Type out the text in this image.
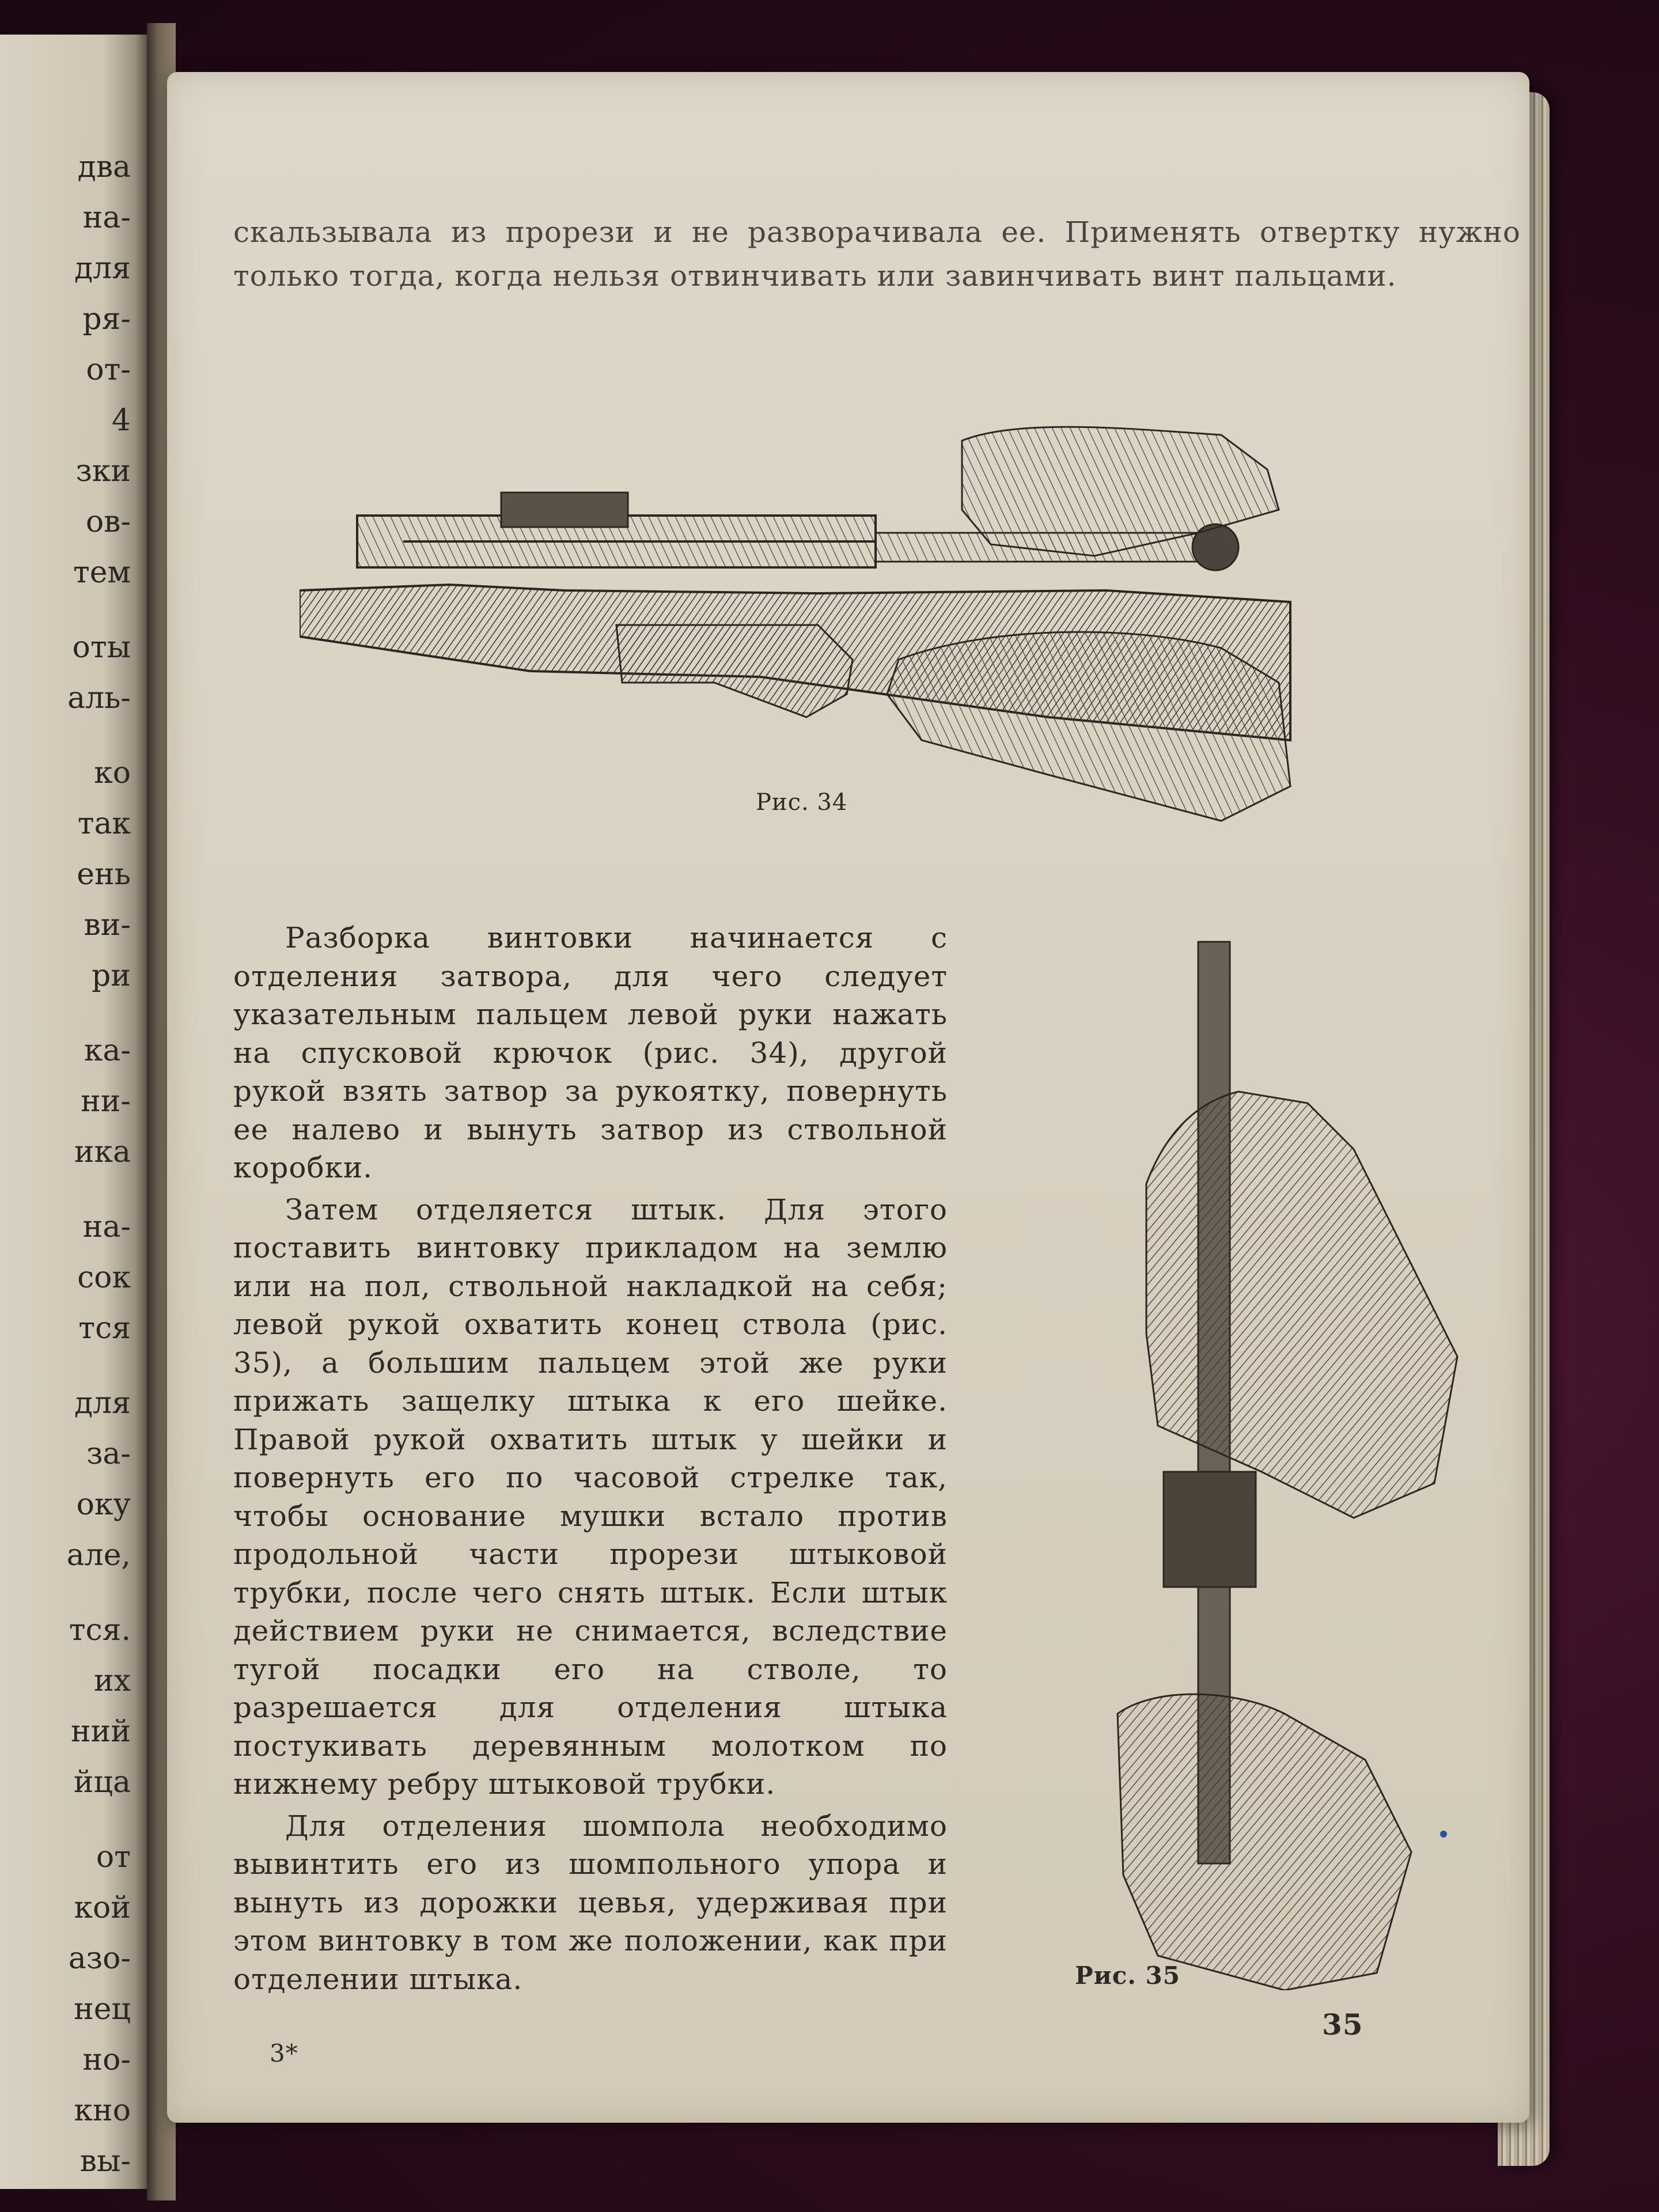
два
на-
для
ря-
от-
4
зки
ов-
тем
оты
аль-
ко
так
ень
ви-
ри
ка-
ни-
ика
на-
сок
тся
для
за-
оку
але,
тся.
их
ний
йца
от
кой
азо-
нец
но-
кно
вы-
скальзывала из прорези и не разворачивала ее. Применять отвертку нужно только тогда, когда нельзя отвинчивать или завинчивать винт пальцами.
Рис. 34

Разборка винтовки начинается с отделения затвора, для чего следует указательным пальцем левой руки нажать на спусковой крючок (рис. 34), другой рукой взять затвор за рукоятку, повернуть ее налево и вынуть затвор из ствольной коробки.

Затем отделяется штык. Для этого поставить винтовку прикладом на землю или на пол, ствольной накладкой на себя; левой рукой охватить конец ствола (рис. 35), а большим пальцем этой же руки прижать защелку штыка к его шейке. Правой рукой охватить штык у шейки и повернуть его по часовой стрелке так, чтобы основание мушки встало против продольной части прорези штыковой трубки, после чего снять штык. Если штык действием руки не снимается, вследствие тугой посадки его на стволе, то разрешается для отделения штыка постукивать деревянным молотком по нижнему ребру штыковой трубки.

Для отделения шомпола необходимо вывинтить его из шомпольного упора и вынуть из дорожки цевья, удерживая при этом винтовку в том же положении, как при отделении штыка.	Рис. 35
3*
35
